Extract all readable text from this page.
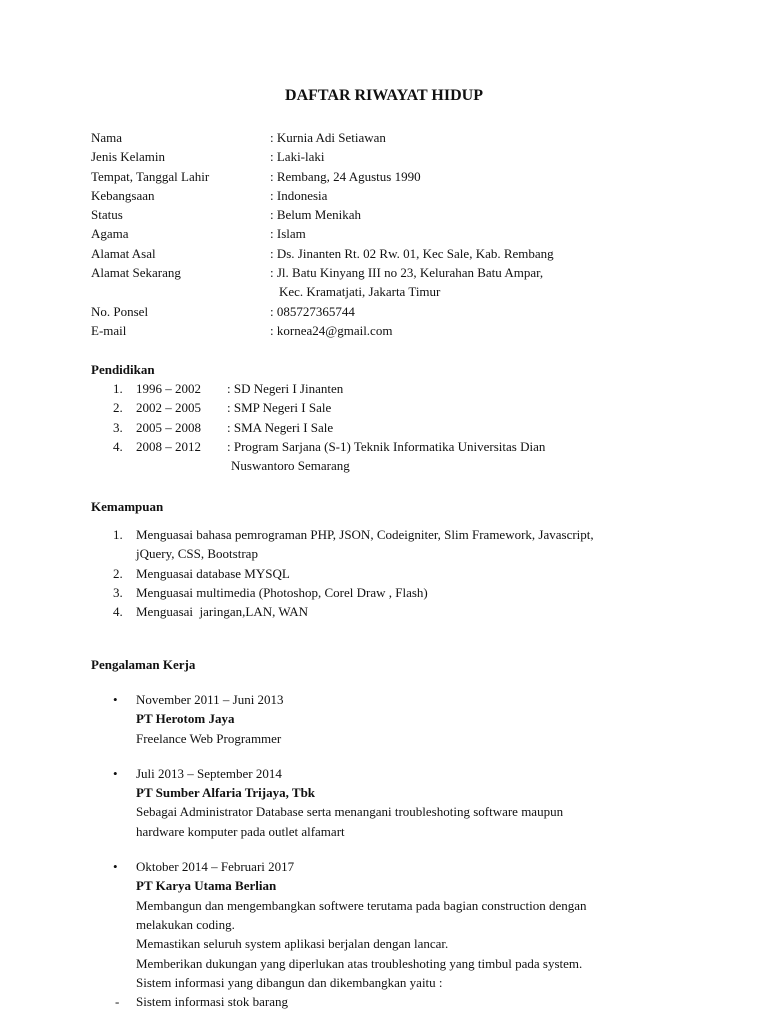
DAFTAR RIWAYAT HIDUP
Nama	: Kurnia Adi Setiawan
Jenis Kelamin	: Laki-laki
Tempat, Tanggal Lahir	: Rembang, 24 Agustus 1990
Kebangsaan	: Indonesia
Status	: Belum Menikah
Agama	: Islam
Alamat Asal	: Ds. Jinanten Rt. 02 Rw. 01, Kec Sale, Kab. Rembang
Alamat Sekarang	: Jl. Batu Kinyang III no 23, Kelurahan Batu Ampar,
Kec. Kramatjati, Jakarta Timur
No. Ponsel	: 085727365744
E-mail	: kornea24@gmail.com
Pendidikan
1.	1996 – 2002	: SD Negeri I Jinanten
2.	2002 – 2005	: SMP Negeri I Sale
3.	2005 – 2008	: SMA Negeri I Sale
4.	2008 – 2012	: Program Sarjana (S-1) Teknik Informatika Universitas Dian
Nuswantoro Semarang
Kemampuan
1.	Menguasai bahasa pemrograman PHP, JSON, Codeigniter, Slim Framework, Javascript,
jQuery, CSS, Bootstrap
2.	Menguasai database MYSQL
3.	Menguasai multimedia (Photoshop, Corel Draw , Flash)
4.	Menguasai  jaringan,LAN, WAN
Pengalaman Kerja
•	November 2011 – Juni 2013
PT Herotom Jaya
Freelance Web Programmer
•	Juli 2013 – September 2014
PT Sumber Alfaria Trijaya, Tbk
Sebagai Administrator Database serta menangani troubleshoting software maupun
hardware komputer pada outlet alfamart
•	Oktober 2014 – Februari 2017
PT Karya Utama Berlian
Membangun dan mengembangkan softwere terutama pada bagian construction dengan
melakukan coding.
Memastikan seluruh system aplikasi berjalan dengan lancar.
Memberikan dukungan yang diperlukan atas troubleshoting yang timbul pada system.
Sistem informasi yang dibangun dan dikembangkan yaitu :
-	Sistem informasi stok barang
